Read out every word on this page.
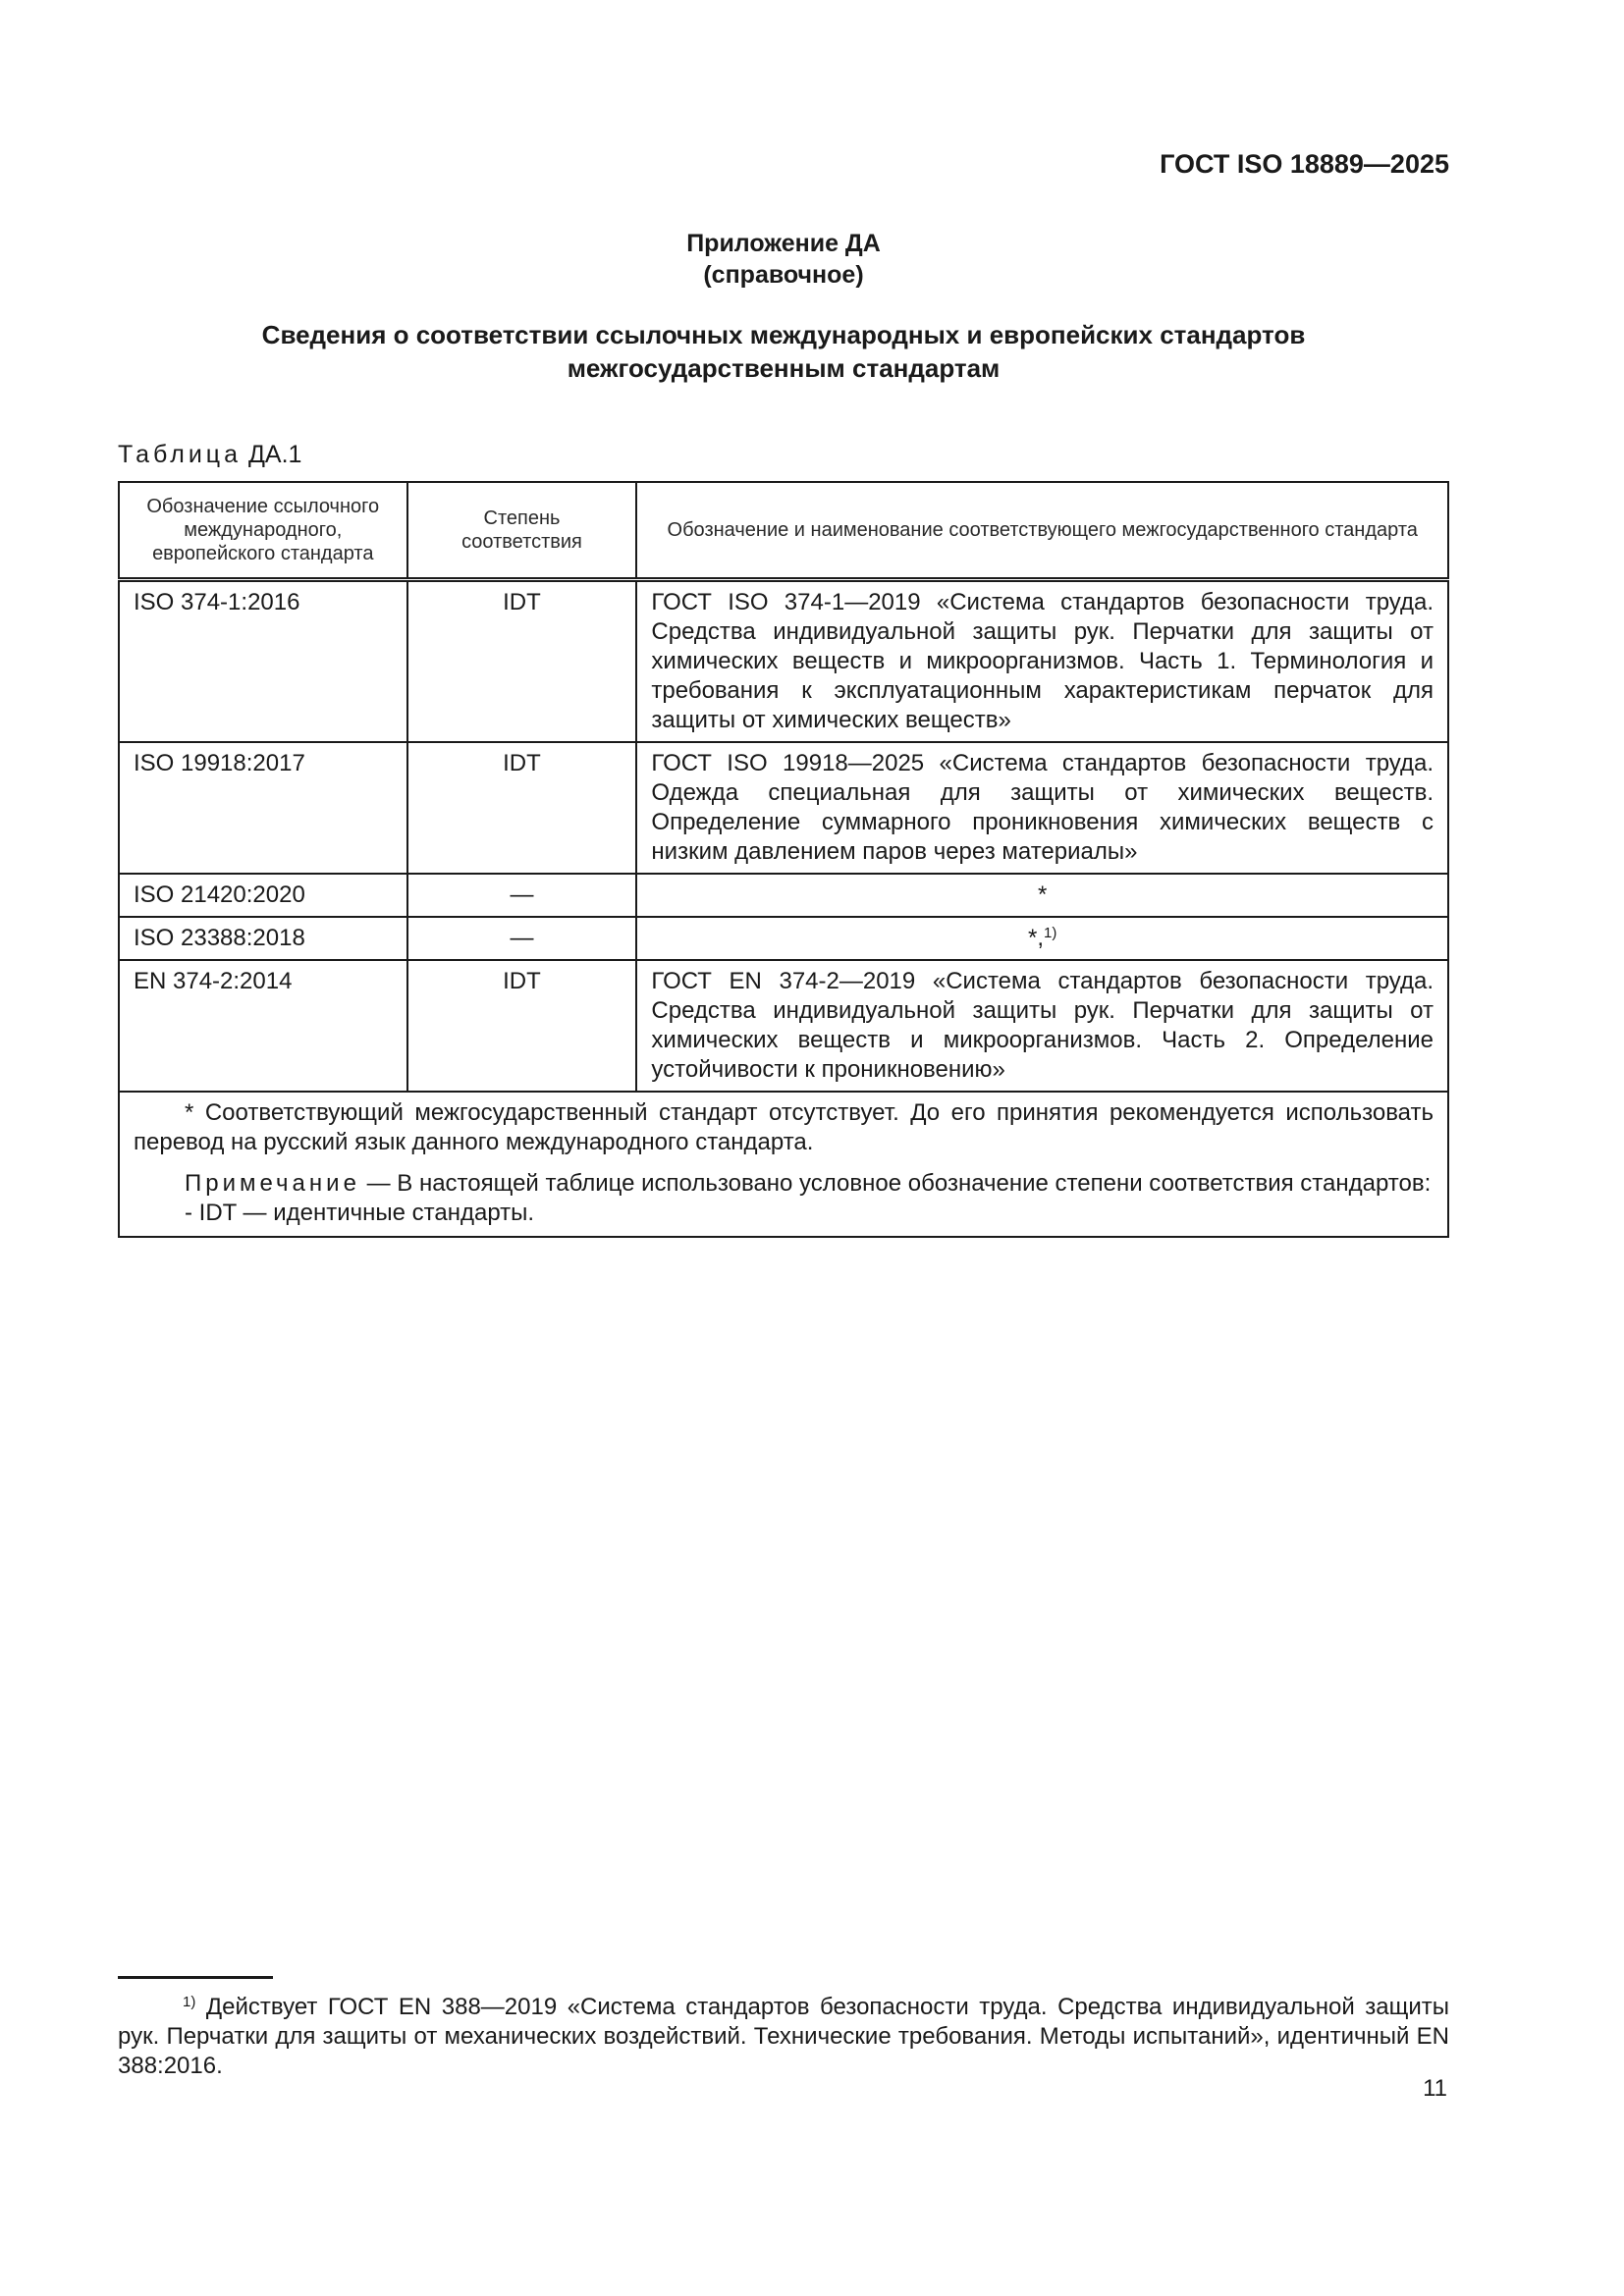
ГОСТ ISO 18889—2025
Приложение ДА
(справочное)
Сведения о соответствии ссылочных международных и европейских стандартов
межгосударственным стандартам
Таблица ДА.1
Обозначение ссылочного международного, европейского стандарта	Степень соответствия	Обозначение и наименование соответствующего межгосударственного стандарта
ISO 374-1:2016	IDT	ГОСТ ISO 374-1—2019 «Система стандартов безопасности труда. Средства индивидуальной защиты рук. Перчатки для защиты от химических веществ и микроорганизмов. Часть 1. Терминология и требования к эксплуатационным характеристикам перчаток для защиты от химических веществ»
ISO 19918:2017	IDT	ГОСТ ISO 19918—2025 «Система стандартов безопасности труда. Одежда специальная для защиты от химических веществ. Определение суммарного проникновения химических веществ с низким давлением паров через материалы»
ISO 21420:2020	—	*
ISO 23388:2018	—	*,$^{1)}$
EN 374-2:2014	IDT	ГОСТ EN 374-2—2019 «Система стандартов безопасности труда. Средства индивидуальной защиты рук. Перчатки для защиты от химических веществ и микроорганизмов. Часть 2. Определение устойчивости к проникновению»

* Соответствующий межгосударственный стандарт отсутствует. До его принятия рекомендуется использовать перевод на русский язык данного международного стандарта.

Примечание — В настоящей таблице использовано условное обозначение степени соответствия стандартов:

- IDT — идентичные стандарты.		

$^{1)}$ Действует ГОСТ EN 388—2019 «Система стандартов безопасности труда. Средства индивидуальной защиты рук. Перчатки для защиты от механических воздействий. Технические требования. Методы испытаний», идентичный EN 388:2016.

11
